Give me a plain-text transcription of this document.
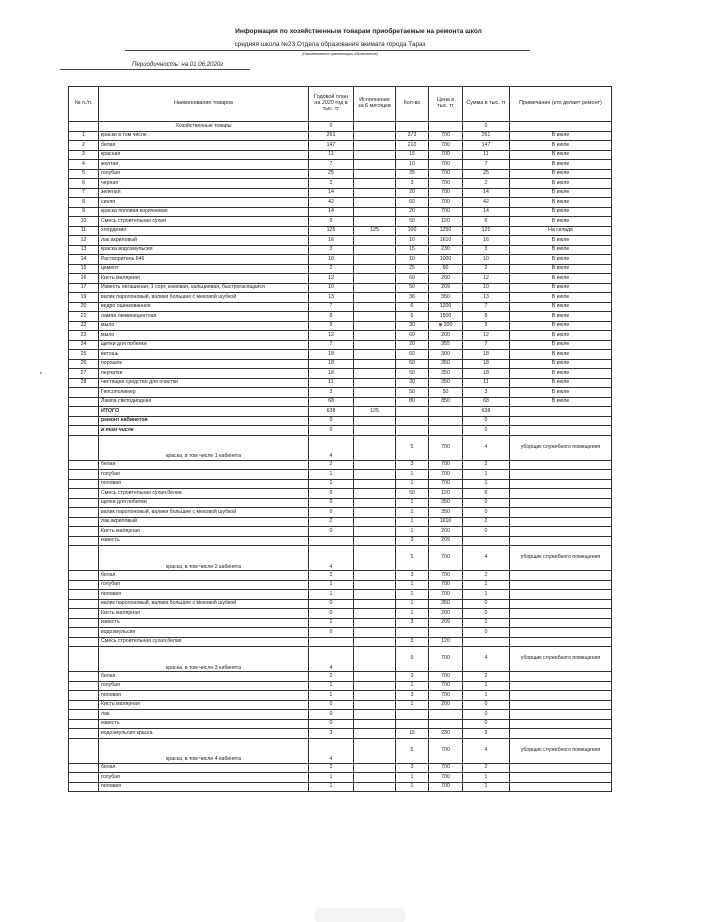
Информация по хозяйственным товарам приобретаемые на ремонта школ
средняя школа №23 Отдела образования акимата города Тараз
(Наименование организации образование)
Периодичность: на 01.06.2020г
№ п./п.	Наименование товаров	Годовой план на 2020 год в тыс. тг	Исполнение за 6 месяцев	Кол-во	Цена в тыс. тг	Сумма в тыс. тг	Примечание (кто делает ремонт)
	Хозяйственные товары	0				0	
1	краски в том числе :	261		373	700	261	В июле
2	белая	147		210	700	147	В июле
3	красная	11		15	700	11	В июле
4	желтая	7		10	700	7	В июле
5	голубая	25		35	700	25	В июле
6	черная	2		3	700	2	В июле
7	зеленая	14		20	700	14	В июле
8	синяя	42		60	700	42	В июле
9	краска половая коричневая	14		20	700	14	В июле
10	Смесь строительная сухая	6		50	120	6	В июле
11	хлордезин	125	125	100	1250	125	На складе
12	лак акриловый	16		10	1610	16	В июле
13	краска водоэмульсия	3		15	230	3	В июле
14	Растворитель 646	10		10	1000	10	В июле
15	цемент	2		25	60	2	В июле
16	Кисть малярная	12		60	200	12	В июле
17	Известь негашеная, 1 сорт, комовая, кальциевая, быстрогасящаяся	10		50	209	10	В июле
19	валик паролоновый, валики большие с меховой шубкой	13		36	350	13	В июле
20	ведро оцинкованное	7		6	1200	7	В июле
21	лампа люминецентная	8		5	1500	8	В июле
22	мыло	9		30	300	9	В июле
23	мыло	12		60	200	12	В июле
24	щетки для побелки	7		20	355	7	В июле
25	ветошь	18		60	300	18	В июле
26	порошок	18		50	350	18	В июле
27	перчатки	18		50	350	18	В июле
28	чистящее средство для очистки	11		30	350	11	В июле
	Гипсополимер	3		50	50	3	В июле
	Лампа светодиодная	68		80	850	68	В июле
	ИТОГО	638	125			638	
	ремонт кабинетов	0				0	
	в том числе	0				0	
	краска, в том числе 1 кабинета	4		5	700	4	уборщик служебного помещения
	белая	2		3	700	2	
	голубая	1		1	700	1	
	половая	1		1	700	1	
	Смесь строительная сухая,белая	6		50	120	6	
	щетки для побелки	0		1	350	0	
	валик паролоновый, валики большие с меховой шубкой	0		1	350	0	
	лак акриловый	2		1	1610	2	
	Кисть малярная	0		1	200	0	
	известь			3	209		
	краска, в том числе 2 кабинета	4		5	700	4	уборщик служебного помещения
	белая	2		3	700	2	
	голубая	1		1	700	1	
	половая	1		1	700	1	
	валик паролоновый, валики большие с меховой шубкой	0		1	350	0	
	Кисть малярная	0		1	200	0	
	известь	1		3	209	1	
	водоэмульсия	0				0	
	Смесь строительная сухая,белая			3	120		
	краска, в том числе 3 кабинета	4		5	700	4	уборщик служебного помещения
	белая	2		3	700	2	
	голубая	1		1	700	1	
	половая	1		3	700	1	
	Кисть малярная	0		1	200	0	
	лак	0				0	
	известь	0				0	
	водоэмульсия краска	3		15	230	3	
	краска, в том числе 4 кабинета	4		5	700	4	уборщик служебного помещения
	белая	2		3	700	2	
	голубая	1		1	700	1	
	половая	1		1	700	1	
